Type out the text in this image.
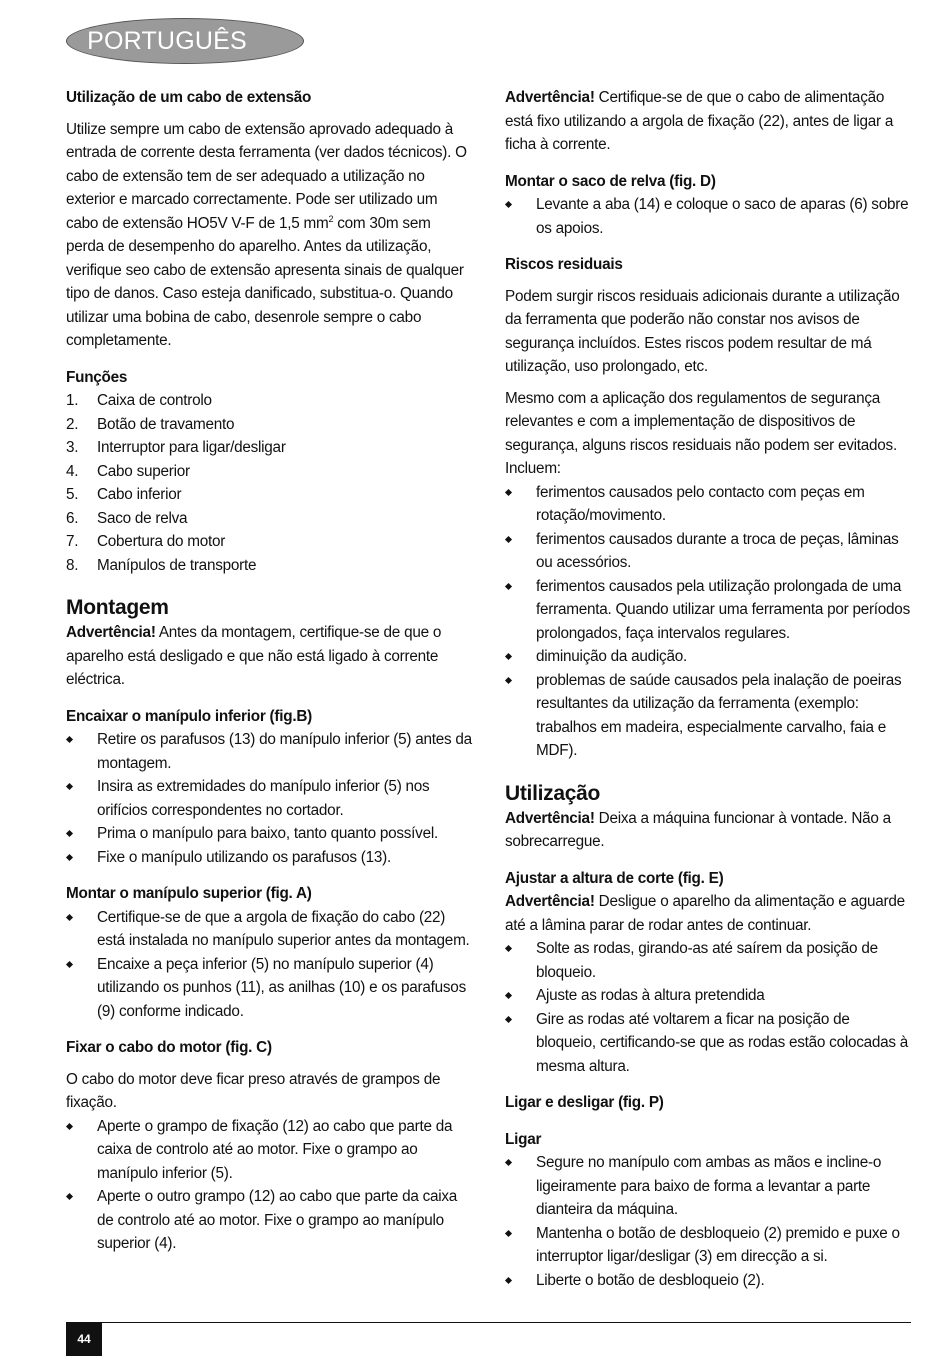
PORTUGUÊS

Utilização de um cabo de extensão

Utilize sempre um cabo de extensão aprovado adequado à entrada de corrente desta ferramenta (ver dados técnicos). O cabo de extensão tem de ser adequado a utilização no exterior e marcado correctamente. Pode ser utilizado um cabo de extensão HO5V V-F de 1,5 $mm^2$ com 30m sem perda de desempenho do aparelho. Antes da utilização, verifique seo cabo de extensão apresenta sinais de qualquer tipo de danos. Caso esteja danificado, substitua-o. Quando utilizar uma bobina de cabo, desenrole sempre o cabo completamente.

Funções

1. Caixa de controlo
2. Botão de travamento
3. Interruptor para ligar/desligar
4. Cabo superior
5. Cabo inferior
6. Saco de relva
7. Cobertura do motor
8. Manípulos de transporte

Montagem

Advertência! Antes da montagem, certifique-se de que o aparelho está desligado e que não está ligado à corrente eléctrica.

Encaixar o manípulo inferior (fig.B)

Retire os parafusos (13) do manípulo inferior (5) antes da montagem.
Insira as extremidades do manípulo inferior (5) nos orifícios correspondentes no cortador.
Prima o manípulo para baixo, tanto quanto possível.
Fixe o manípulo utilizando os parafusos (13).

Montar o manípulo superior (fig. A)

Certifique-se de que a argola de fixação do cabo (22) está instalada no manípulo superior antes da montagem.
Encaixe a peça inferior (5) no manípulo superior (4) utilizando os punhos (11), as anilhas (10) e os parafusos (9) conforme indicado.

Fixar o cabo do motor (fig. C)

O cabo do motor deve ficar preso através de grampos de fixação.

Aperte o grampo de fixação (12) ao cabo que parte da caixa de controlo até ao motor. Fixe o grampo ao manípulo inferior (5).
Aperte o outro grampo (12) ao cabo que parte da caixa de controlo até ao motor. Fixe o grampo ao manípulo superior (4).

Advertência! Certifique-se de que o cabo de alimentação está fixo utilizando a argola de fixação (22), antes de ligar a ficha à corrente.

Montar o saco de relva (fig. D)

Levante a aba (14) e coloque o saco de aparas (6) sobre os apoios.

Riscos residuais

Podem surgir riscos residuais adicionais durante a utilização da ferramenta que poderão não constar nos avisos de segurança incluídos. Estes riscos podem resultar de má utilização, uso prolongado, etc.

Mesmo com a aplicação dos regulamentos de segurança relevantes e com a implementação de dispositivos de segurança, alguns riscos residuais não podem ser evitados. Incluem:

ferimentos causados pelo contacto com peças em rotação/movimento.
ferimentos causados durante a troca de peças, lâminas ou acessórios.
ferimentos causados pela utilização prolongada de uma ferramenta. Quando utilizar uma ferramenta por períodos prolongados, faça intervalos regulares.
diminuição da audição.
problemas de saúde causados pela inalação de poeiras resultantes da utilização da ferramenta (exemplo: trabalhos em madeira, especialmente carvalho, faia e MDF).

Utilização

Advertência! Deixa a máquina funcionar à vontade. Não a sobrecarregue.

Ajustar a altura de corte (fig. E)

Advertência! Desligue o aparelho da alimentação e aguarde até a lâmina parar de rodar antes de continuar.

Solte as rodas, girando-as até saírem da posição de bloqueio.
Ajuste as rodas à altura pretendida
Gire as rodas até voltarem a ficar na posição de bloqueio, certificando-se que as rodas estão colocadas à mesma altura.

Ligar e desligar (fig. P)

Ligar

Segure no manípulo com ambas as mãos e incline-o ligeiramente para baixo de forma a levantar a parte dianteira da máquina.
Mantenha o botão de desbloqueio (2) premido e puxe o interruptor ligar/desligar (3) em direcção a si.
Liberte o botão de desbloqueio (2).
44
